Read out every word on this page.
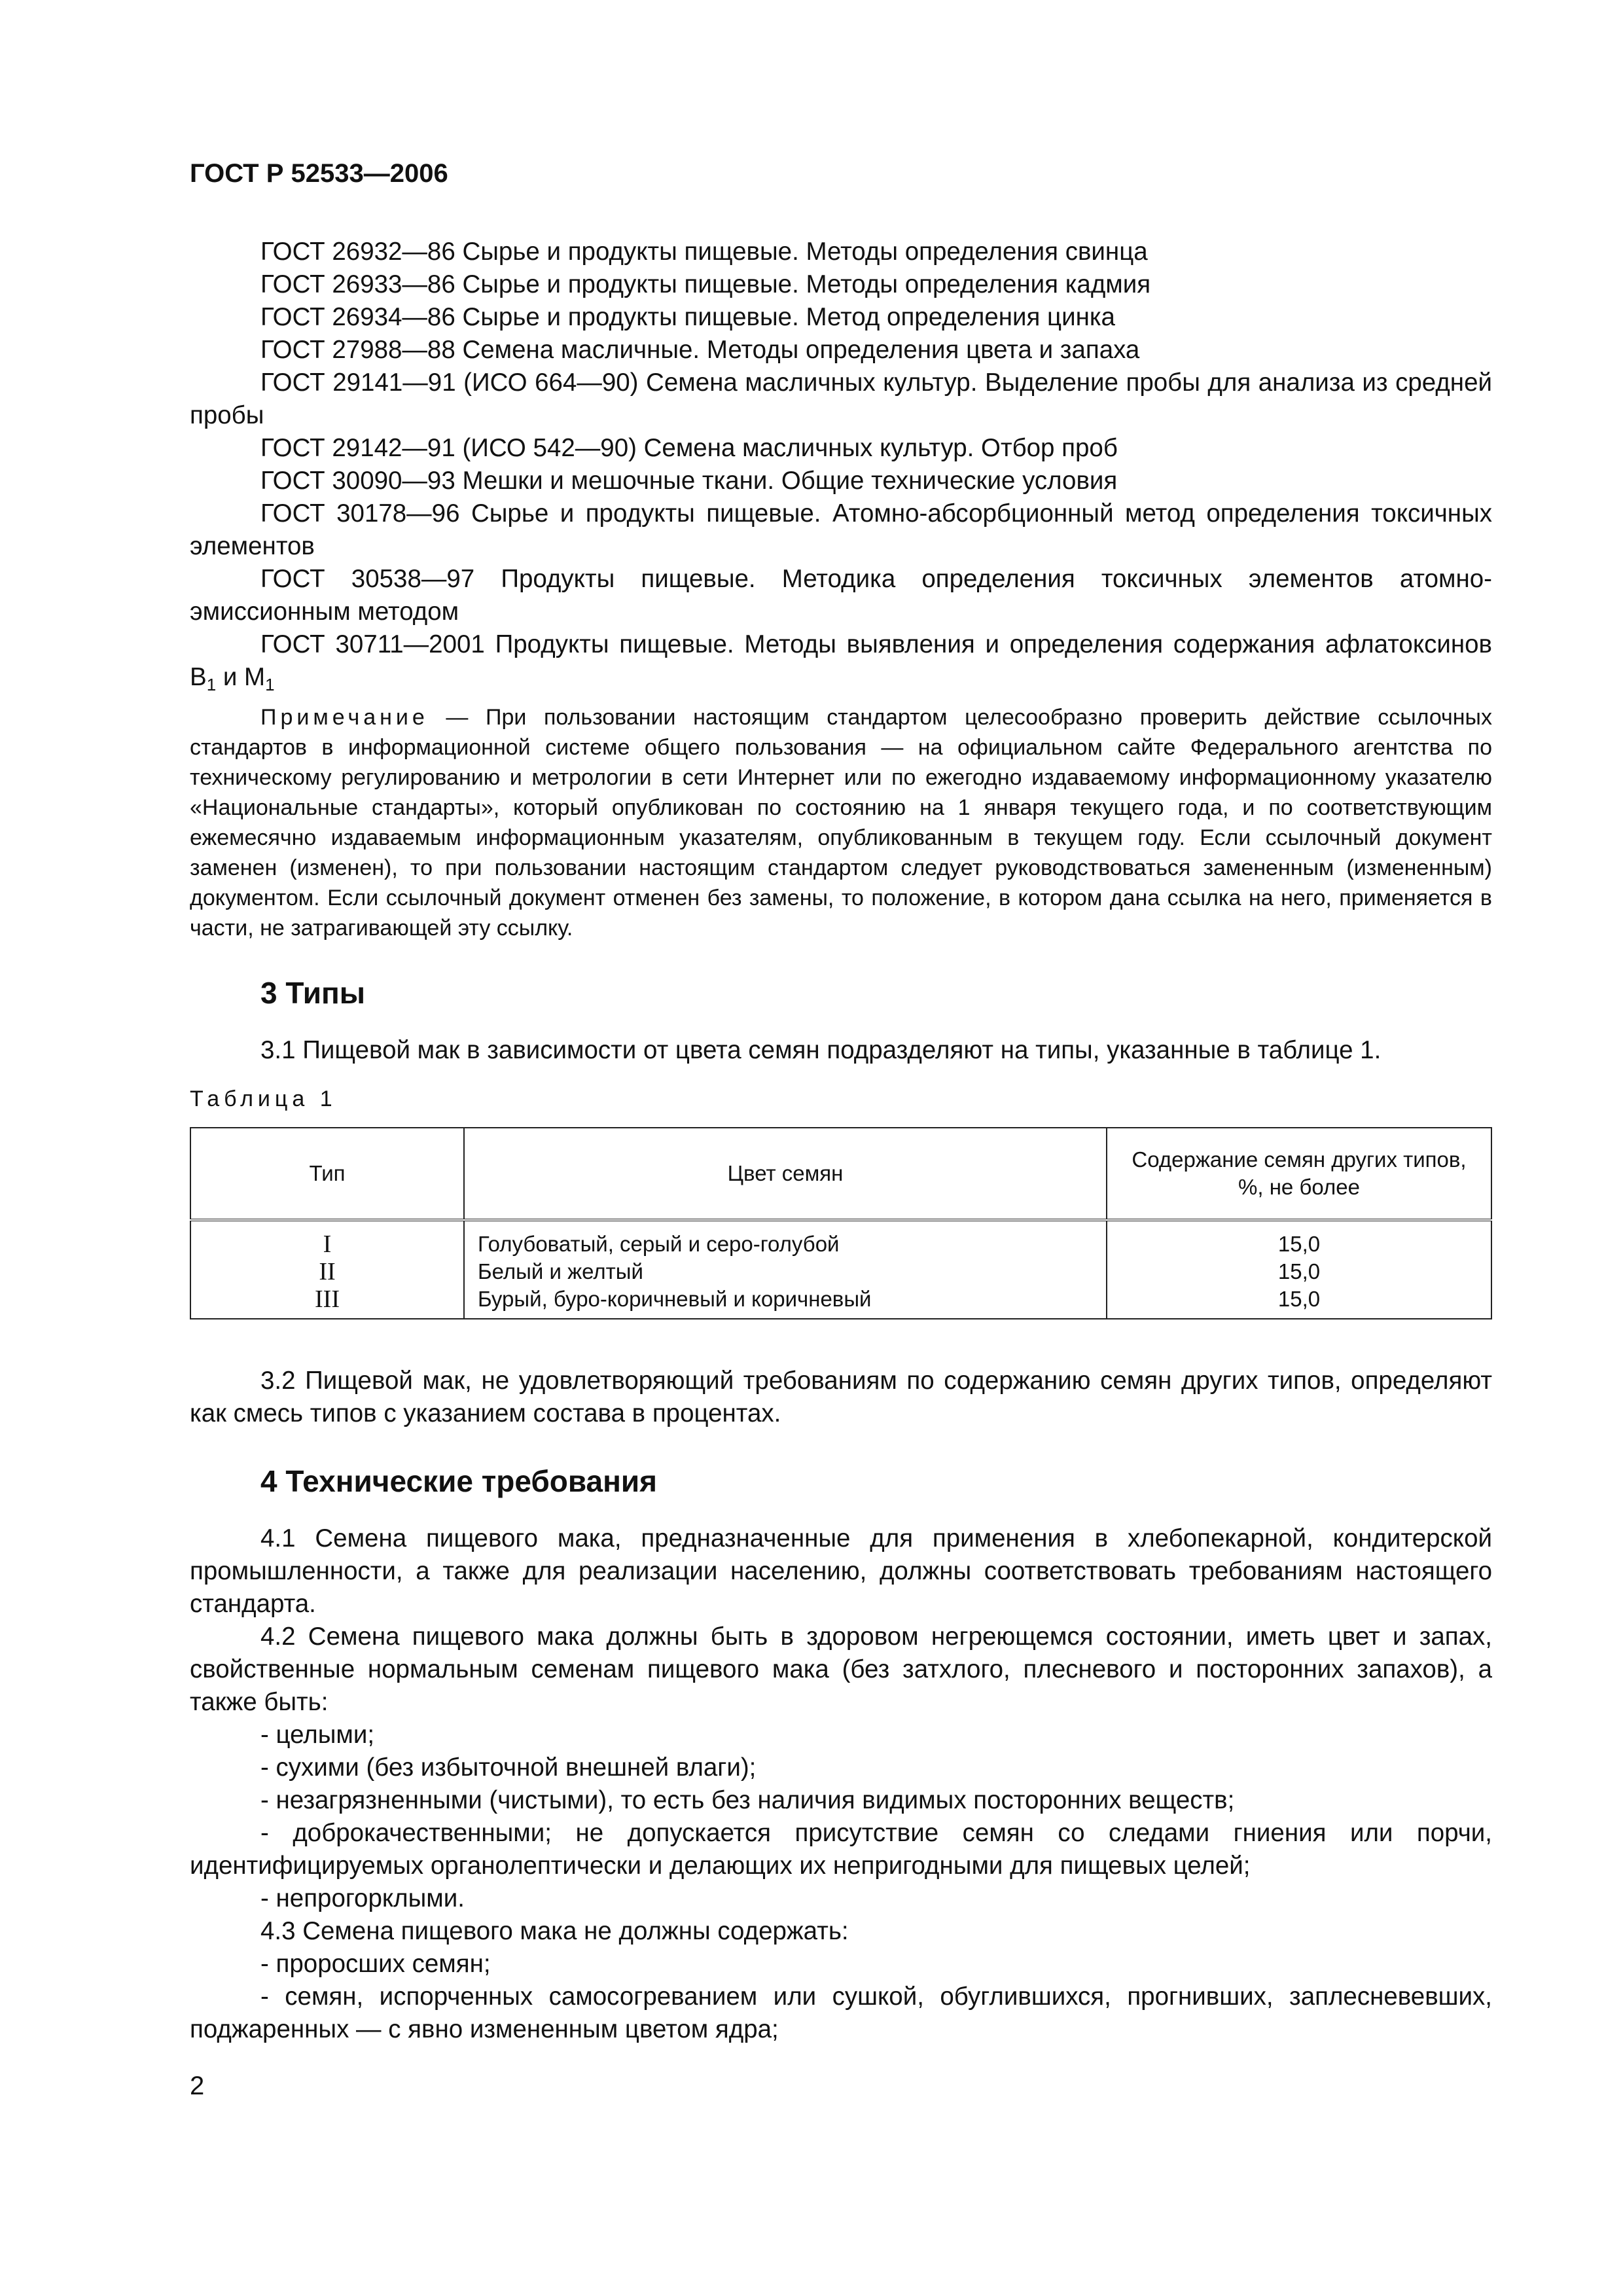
ГОСТ Р 52533—2006

ГОСТ 26932—86 Сырье и продукты пищевые. Методы определения свинца

ГОСТ 26933—86 Сырье и продукты пищевые. Методы определения кадмия

ГОСТ 26934—86 Сырье и продукты пищевые. Метод определения цинка

ГОСТ 27988—88 Семена масличные. Методы определения цвета и запаха

ГОСТ 29141—91 (ИСО 664—90) Семена масличных культур. Выделение пробы для анализа из средней пробы

ГОСТ 29142—91 (ИСО 542—90) Семена масличных культур. Отбор проб

ГОСТ 30090—93 Мешки и мешочные ткани. Общие технические условия

ГОСТ 30178—96 Сырье и продукты пищевые. Атомно-абсорбционный метод определения токсичных элементов

ГОСТ 30538—97 Продукты пищевые. Методика определения токсичных элементов атомно-эмиссионным методом

ГОСТ 30711—2001 Продукты пищевые. Методы выявления и определения содержания афлатоксинов $В_1$ и $М_1$

Примечание — При пользовании настоящим стандартом целесообразно проверить действие ссылочных стандартов в информационной системе общего пользования — на официальном сайте Федерального агентства по техническому регулированию и метрологии в сети Интернет или по ежегодно издаваемому информационному указателю «Национальные стандарты», который опубликован по состоянию на 1 января текущего года, и по соответствующим ежемесячно издаваемым информационным указателям, опубликованным в текущем году. Если ссылочный документ заменен (изменен), то при пользовании настоящим стандартом следует руководствоваться замененным (измененным) документом. Если ссылочный документ отменен без замены, то положение, в котором дана ссылка на него, применяется в части, не затрагивающей эту ссылку.

3 Типы

3.1 Пищевой мак в зависимости от цвета семян подразделяют на типы, указанные в таблице 1.

Таблица 1
Тип	Цвет семян	Содержание семян других типов, %, не более
I	Голубоватый, серый и серо-голубой	15,0
II	Белый и желтый	15,0
III	Бурый, буро-коричневый и коричневый	15,0

3.2 Пищевой мак, не удовлетворяющий требованиям по содержанию семян других типов, определяют как смесь типов с указанием состава в процентах.

4 Технические требования

4.1 Семена пищевого мака, предназначенные для применения в хлебопекарной, кондитерской промышленности, а также для реализации населению, должны соответствовать требованиям настоящего стандарта.

4.2 Семена пищевого мака должны быть в здоровом негреющемся состоянии, иметь цвет и запах, свойственные нормальным семенам пищевого мака (без затхлого, плесневого и посторонних запахов), а также быть:

- целыми;

- сухими (без избыточной внешней влаги);

- незагрязненными (чистыми), то есть без наличия видимых посторонних веществ;

- доброкачественными; не допускается присутствие семян со следами гниения или порчи, идентифицируемых органолептически и делающих их непригодными для пищевых целей;

- непрогорклыми.

4.3 Семена пищевого мака не должны содержать:

- проросших семян;

- семян, испорченных самосогреванием или сушкой, обуглившихся, прогнивших, заплесневевших, поджаренных — с явно измененным цветом ядра;

2
